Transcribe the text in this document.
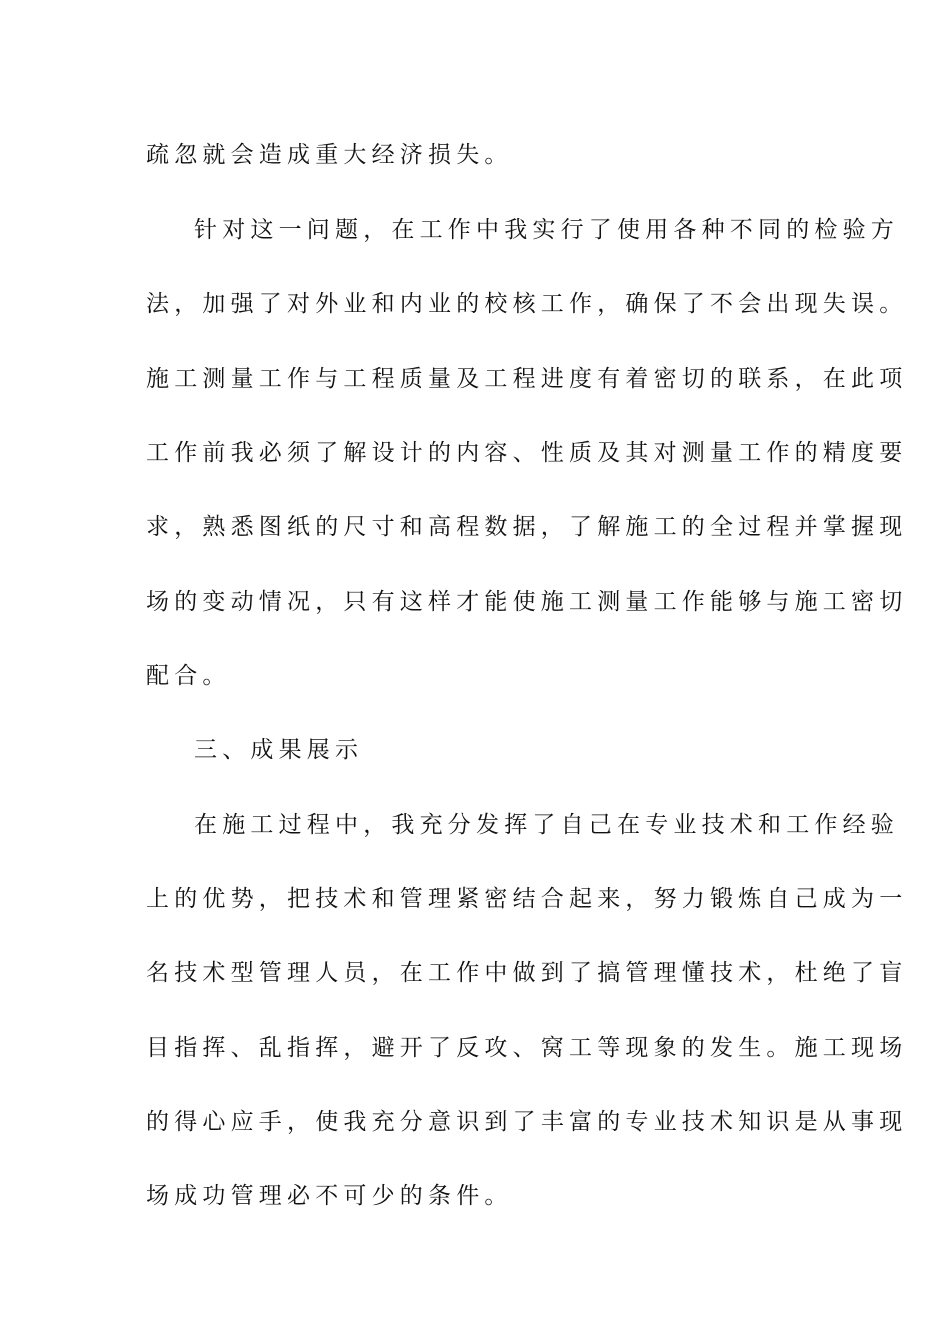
疏忽就会造成重大经济损失。
针对这一问题，在工作中我实行了使用各种不同的检验方
法，加强了对外业和内业的校核工作，确保了不会出现失误。
施工测量工作与工程质量及工程进度有着密切的联系，在此项
工作前我必须了解设计的内容、性质及其对测量工作的精度要
求，熟悉图纸的尺寸和高程数据，了解施工的全过程并掌握现
场的变动情况，只有这样才能使施工测量工作能够与施工密切
配合。
三、成果展示
在施工过程中，我充分发挥了自己在专业技术和工作经验
上的优势，把技术和管理紧密结合起来，努力锻炼自己成为一
名技术型管理人员，在工作中做到了搞管理懂技术，杜绝了盲
目指挥、乱指挥，避开了反攻、窝工等现象的发生。施工现场
的得心应手，使我充分意识到了丰富的专业技术知识是从事现
场成功管理必不可少的条件。
